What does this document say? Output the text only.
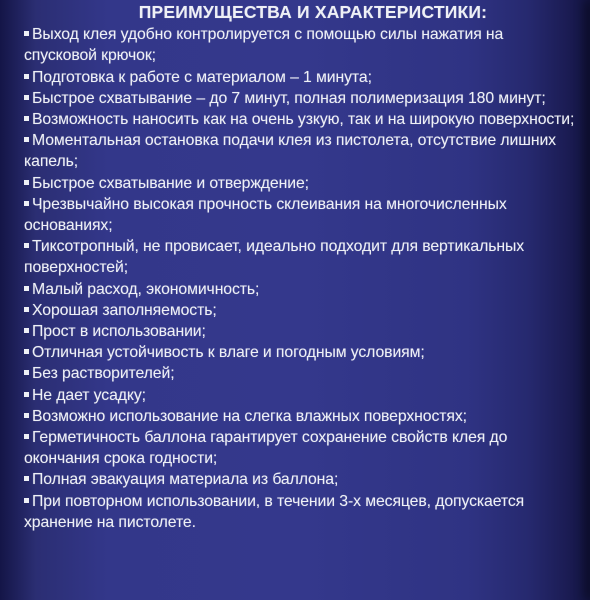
ПРЕИМУЩЕСТВА И ХАРАКТЕРИСТИКИ:
Выход клея удобно контролируется с помощью силы нажатия на спусковой крючок;
Подготовка к работе с материалом – 1 минута;
Быстрое схватывание – до 7 минут, полная полимеризация 180 минут;
Возможность наносить как на очень узкую, так и на широкую поверхности;
Моментальная остановка подачи клея из пистолета, отсутствие лишних капель;
Быстрое схватывание и отверждение;
Чрезвычайно высокая прочность склеивания на многочисленных основаниях;
Тиксотропный, не провисает, идеально подходит для вертикальных поверхностей;
Малый расход, экономичность;
Хорошая заполняемость;
Прост в использовании;
Отличная устойчивость к влаге и погодным условиям;
Без растворителей;
Не дает усадку;
Возможно использование на слегка влажных поверхностях;
Герметичность баллона гарантирует сохранение свойств клея до окончания срока годности;
Полная эвакуация материала из баллона;
При повторном использовании, в течении 3-х месяцев, допускается хранение на пистолете.
